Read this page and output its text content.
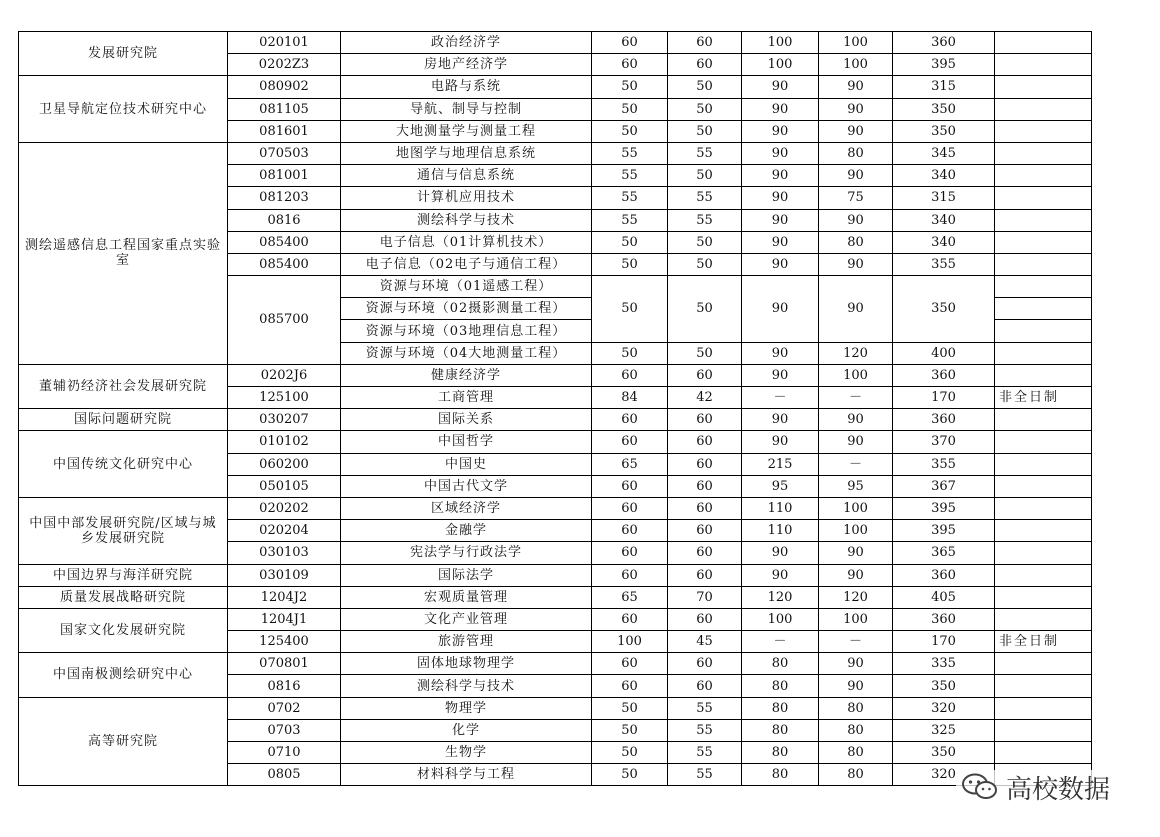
发展研究院	020101	政治经济学	60	60	100	100	360	
	0202Z3	房地产经济学	60	60	100	100	395	
卫星导航定位技术研究中心	080902	电路与系统	50	50	90	90	315	
	081105	导航、制导与控制	50	50	90	90	350	
	081601	大地测量学与测量工程	50	50	90	90	350	
测绘遥感信息工程国家重点实验室	070503	地图学与地理信息系统	55	55	90	80	345	
	081001	通信与信息系统	55	50	90	90	340	
	081203	计算机应用技术	55	55	90	75	315	
	0816	测绘科学与技术	55	55	90	90	340	
	085400	电子信息（01计算机技术）	50	50	90	80	340	
	085400	电子信息（02电子与通信工程）	50	50	90	90	355	
	085700	资源与环境（01遥感工程）	50	50	90	90	350	
		资源与环境（02摄影测量工程）						
		资源与环境（03地理信息工程）						
		资源与环境（04大地测量工程）	50	50	90	120	400	
董辅礽经济社会发展研究院	0202J6	健康经济学	60	60	90	100	360	
	125100	工商管理	84	42	－	－	170	非全日制
国际问题研究院	030207	国际关系	60	60	90	90	360	
中国传统文化研究中心	010102	中国哲学	60	60	90	90	370	
	060200	中国史	65	60	215	－	355	
	050105	中国古代文学	60	60	95	95	367	
中国中部发展研究院/区域与城乡发展研究院	020202	区域经济学	60	60	110	100	395	
	020204	金融学	60	60	110	100	395	
	030103	宪法学与行政法学	60	60	90	90	365	
中国边界与海洋研究院	030109	国际法学	60	60	90	90	360	
质量发展战略研究院	1204J2	宏观质量管理	65	70	120	120	405	
国家文化发展研究院	1204J1	文化产业管理	60	60	100	100	360	
	125400	旅游管理	100	45	－	－	170	非全日制
中国南极测绘研究中心	070801	固体地球物理学	60	60	80	90	335	
	0816	测绘科学与技术	60	60	80	90	350	
高等研究院	0702	物理学	50	55	80	80	320	
	0703	化学	50	55	80	80	325	
	0710	生物学	50	55	80	80	350	
	0805	材料科学与工程	50	55	80	80	320	高校数据
